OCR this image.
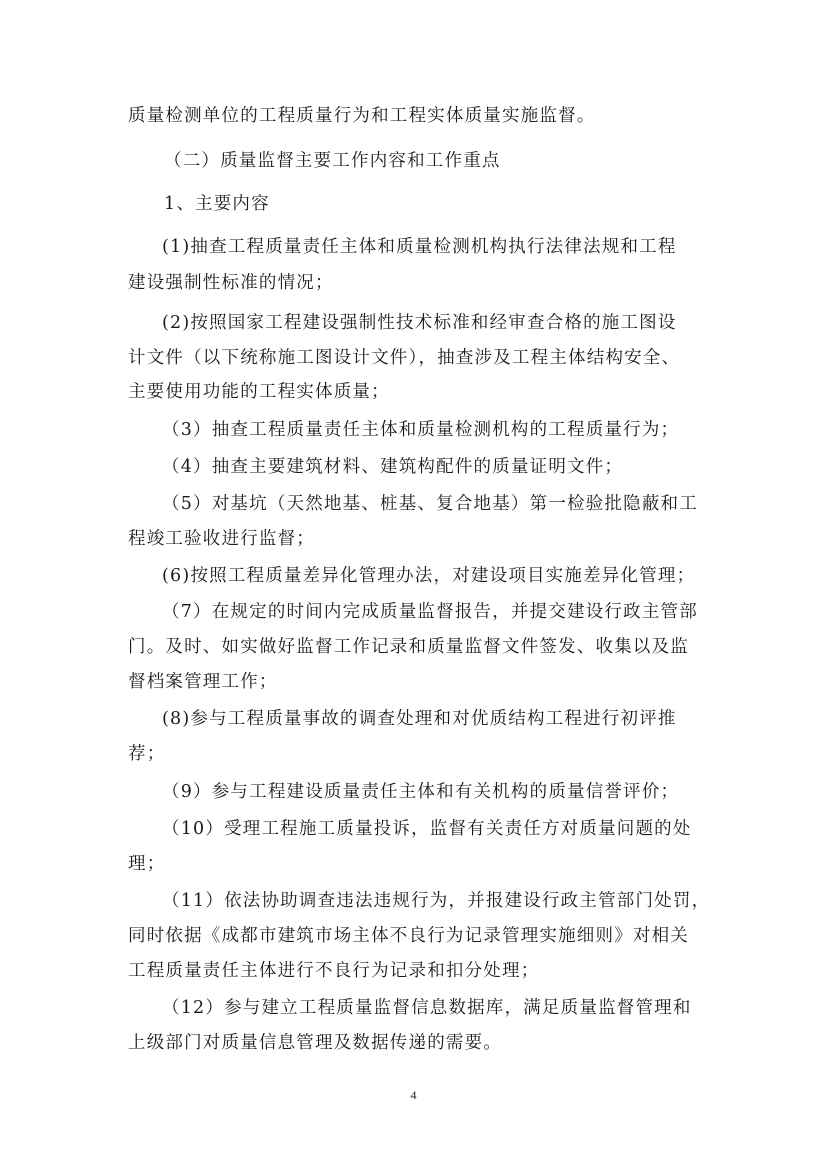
质量检测单位的工程质量行为和工程实体质量实施监督。
（二）质量监督主要工作内容和工作重点
1、主要内容
(1)抽查工程质量责任主体和质量检测机构执行法律法规和工程
建设强制性标准的情况；
(2)按照国家工程建设强制性技术标准和经审查合格的施工图设
计文件（以下统称施工图设计文件），抽查涉及工程主体结构安全、
主要使用功能的工程实体质量；
（3）抽查工程质量责任主体和质量检测机构的工程质量行为；
（4）抽查主要建筑材料、建筑构配件的质量证明文件；
（5）对基坑（天然地基、桩基、复合地基）第一检验批隐蔽和工
程竣工验收进行监督；
(6)按照工程质量差异化管理办法，对建设项目实施差异化管理；
（7）在规定的时间内完成质量监督报告，并提交建设行政主管部
门。及时、如实做好监督工作记录和质量监督文件签发、收集以及监
督档案管理工作；
(8)参与工程质量事故的调查处理和对优质结构工程进行初评推
荐；
（9）参与工程建设质量责任主体和有关机构的质量信誉评价；
（10）受理工程施工质量投诉，监督有关责任方对质量问题的处
理；
（11）依法协助调查违法违规行为，并报建设行政主管部门处罚，
同时依据《成都市建筑市场主体不良行为记录管理实施细则》对相关
工程质量责任主体进行不良行为记录和扣分处理；
（12）参与建立工程质量监督信息数据库，满足质量监督管理和
上级部门对质量信息管理及数据传递的需要。
4
